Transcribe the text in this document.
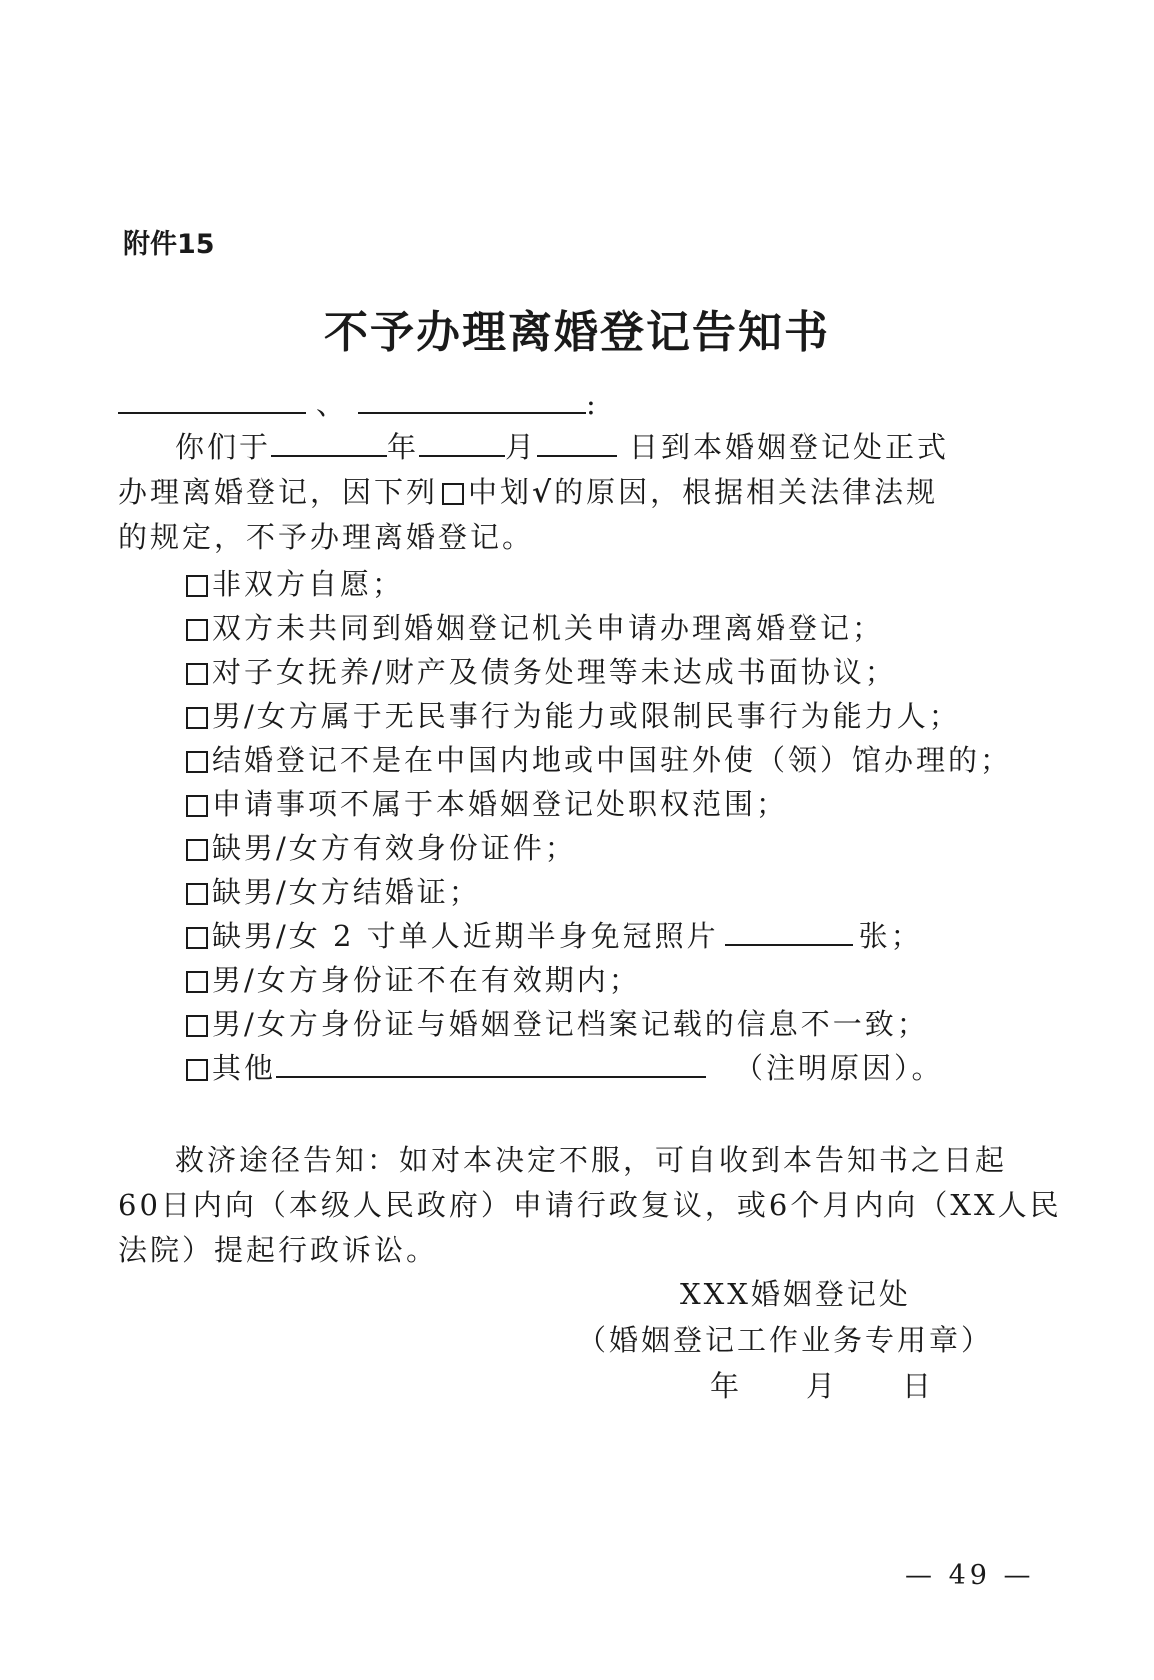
附件15
不予办理离婚登记告知书
、	:
你们于	年	月	日到本婚姻登记处正式
办理离婚登记，因下列 中划√的原因，根据相关法律法规
的规定，不予办理离婚登记。
非双方自愿；
双方未共同到婚姻登记机关申请办理离婚登记；
对子女抚养/财产及债务处理等未达成书面协议；
男/女方属于无民事行为能力或限制民事行为能力人；
结婚登记不是在中国内地或中国驻外使（领）馆办理的；
申请事项不属于本婚姻登记处职权范围；
缺男/女方有效身份证件；
缺男/女方结婚证；
缺男/女 2 寸单人近期半身免冠照片	张；
男/女方身份证不在有效期内；
男/女方身份证与婚姻登记档案记载的信息不一致；
其他	（注明原因）。
救济途径告知：如对本决定不服，可自收到本告知书之日起
60日内向（本级人民政府）申请行政复议，或6个月内向（XX人民
法院）提起行政诉讼。
XXX婚姻登记处
（婚姻登记工作业务专用章）
年　　月　　日
— 49 —
